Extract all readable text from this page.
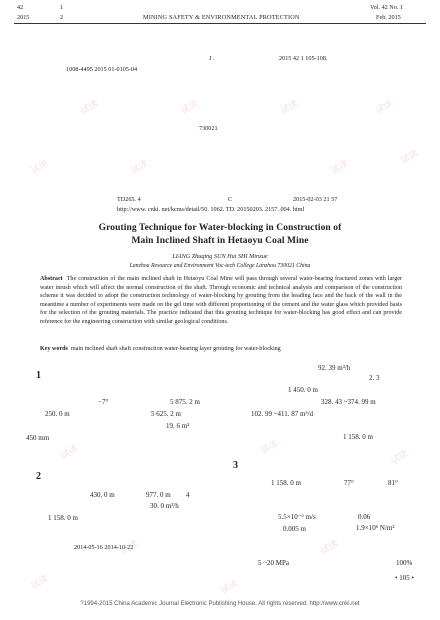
42	1
2015	2	MINING SAFETY & ENVIRONMENTAL PROTECTION
Vol. 42 No. 1
Feb. 2015
J .	2015 42 1 105-108.
1008-4495 2015 01-0105-04
730021
TD265. 4	C	2015-02-03 21 57
http://www. cnki. net/kcms/detail/50. 1062. TD. 20150203. 2157. 004. html
Grouting Technique for Water-blocking in Construction of
Main Inclined Shaft in Hetaoyu Coal Mine
LIANG Zhuqing SUN Hui SHI Minxue
Lanzhou Resource and Environment Voc-tech College Lanzhou 730021 China
Abstract The construction of the main inclined shaft in Hetaoyu Coal Mine will pass through several water-bearing fractured zones with larger water inrush which will affect the normal construction of the shaft. Through economic and technical analysis and comparison of the construction scheme it was decided to adopt the construction technology of water-blocking by grouting from the heading face and the back of the wall in the meantime a number of experiments were made on the gel time with different proportioning of the cement and the water glass which provided basis for the selection of the grouting materials. The practice indicated that this grouting technique for water-blocking has good effect and can provide reference for the engineering construction with similar geological conditions.
Key words main inclined shaft shaft construction water-bearing layer grouting for water-blocking
1
2
3
−7°	5 875. 2 m
250. 0 m	5 625. 2 m
19. 6 m²
450 mm
430. 0 m	977. 0 m 4
30. 0 m³/h
1 158. 0 m
2014-05-16 2014-10-22
92. 39 m³/h
2. 3
1 450. 0 m
328. 43 ~374. 99 m
102. 99 ~411. 87 m³/d
1 158. 0 m
1 158. 0 m	77°	81°
5.5×10⁻⁶ m/s	0.06
0.005 m	1.9×10⁶ N/m²
5 ~20 MPa	100%
• 105 •
试读	试读	试读	试读
试读	试读	试读
试读
试读	试读
试读
试读	试读
试读	试读
?1994-2015 China Academic Journal Electronic Publishing House. All rights reserved. http://www.cnki.net
